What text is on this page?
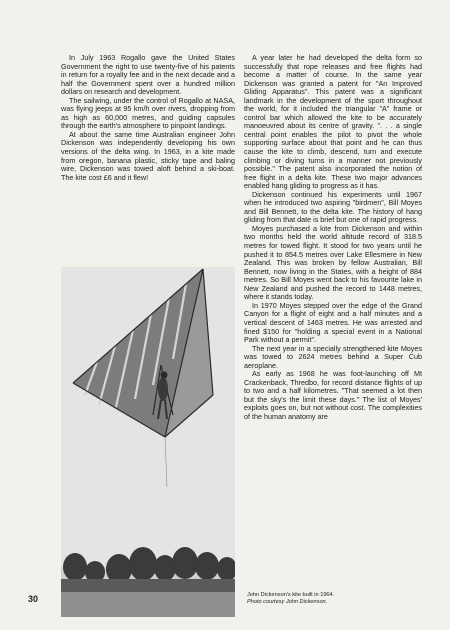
In July 1963 Rogallo gave the United States Government the right to use twenty-five of his patents in return for a royalty fee and in the next decade and a half the Government spent over a hundred million dollars on research and development.

The sailwing, under the control of Rogallo at NASA, was flying jeeps at 95 km/h over rivers, dropping from as high as 60,000 metres, and guiding capsules through the earth's atmosphere to pinpoint landings.

At about the same time Australian engineer John Dickenson was independently developing his own versions of the delta wing. In 1963, in a kite made from oregon, banana plastic, sticky tape and baling wire, Dickenson was towed aloft behind a ski-boat. The kite cost £6 and it flew!

A year later he had developed the delta form so successfully that rope releases and free flights had become a matter of course. In the same year Dickenson was granted a patent for "An Improved Gliding Apparatus". This patent was a significant landmark in the development of the sport throughout the world, for it included the triangular "A" frame or control bar which allowed the kite to be accurately manoeuvred about its centre of gravity. ". . . a single central point enables the pilot to pivot the whole supporting surface about that point and he can thus cause the kite to climb, descend, turn and execute climbing or diving turns in a manner not previously possible." The patent also incorporated the notion of free flight in a delta kite. These two major advances enabled hang gliding to progress as it has.

Dickenson continued his experiments until 1967 when he introduced two aspiring "birdmen", Bill Moyes and Bill Bennett, to the delta kite. The history of hang gliding from that date is brief but one of rapid progress.

Moyes purchased a kite from Dickenson and within two months held the world altitude record of 318.5 metres for towed flight. It stood for two years until he pushed it to 854.5 metres over Lake Ellesmere in New Zealand. This was broken by fellow Australian, Bill Bennett, now living in the States, with a height of 884 metres. So Bill Moyes went back to his favourite lake in New Zealand and pushed the record to 1448 metres, where it stands today.

In 1970 Moyes stepped over the edge of the Grand Canyon for a flight of eight and a half minutes and a vertical descent of 1463 metres. He was arrested and fined $150 for "holding a special event in a National Park without a permit".

The next year in a specially strengthened kite Moyes was towed to 2624 metres behind a Super Cub aeroplane.

As early as 1968 he was foot-launching off Mt Crackenback, Thredbo, for record distance flights of up to two and a half kilometres. "That seemed a lot then but the sky's the limit these days." The list of Moyes' exploits goes on, but not without cost. The complexities of the human anatomy are

John Dickenson's kite built in 1964.
Photo courtesy John Dickenson.
30
